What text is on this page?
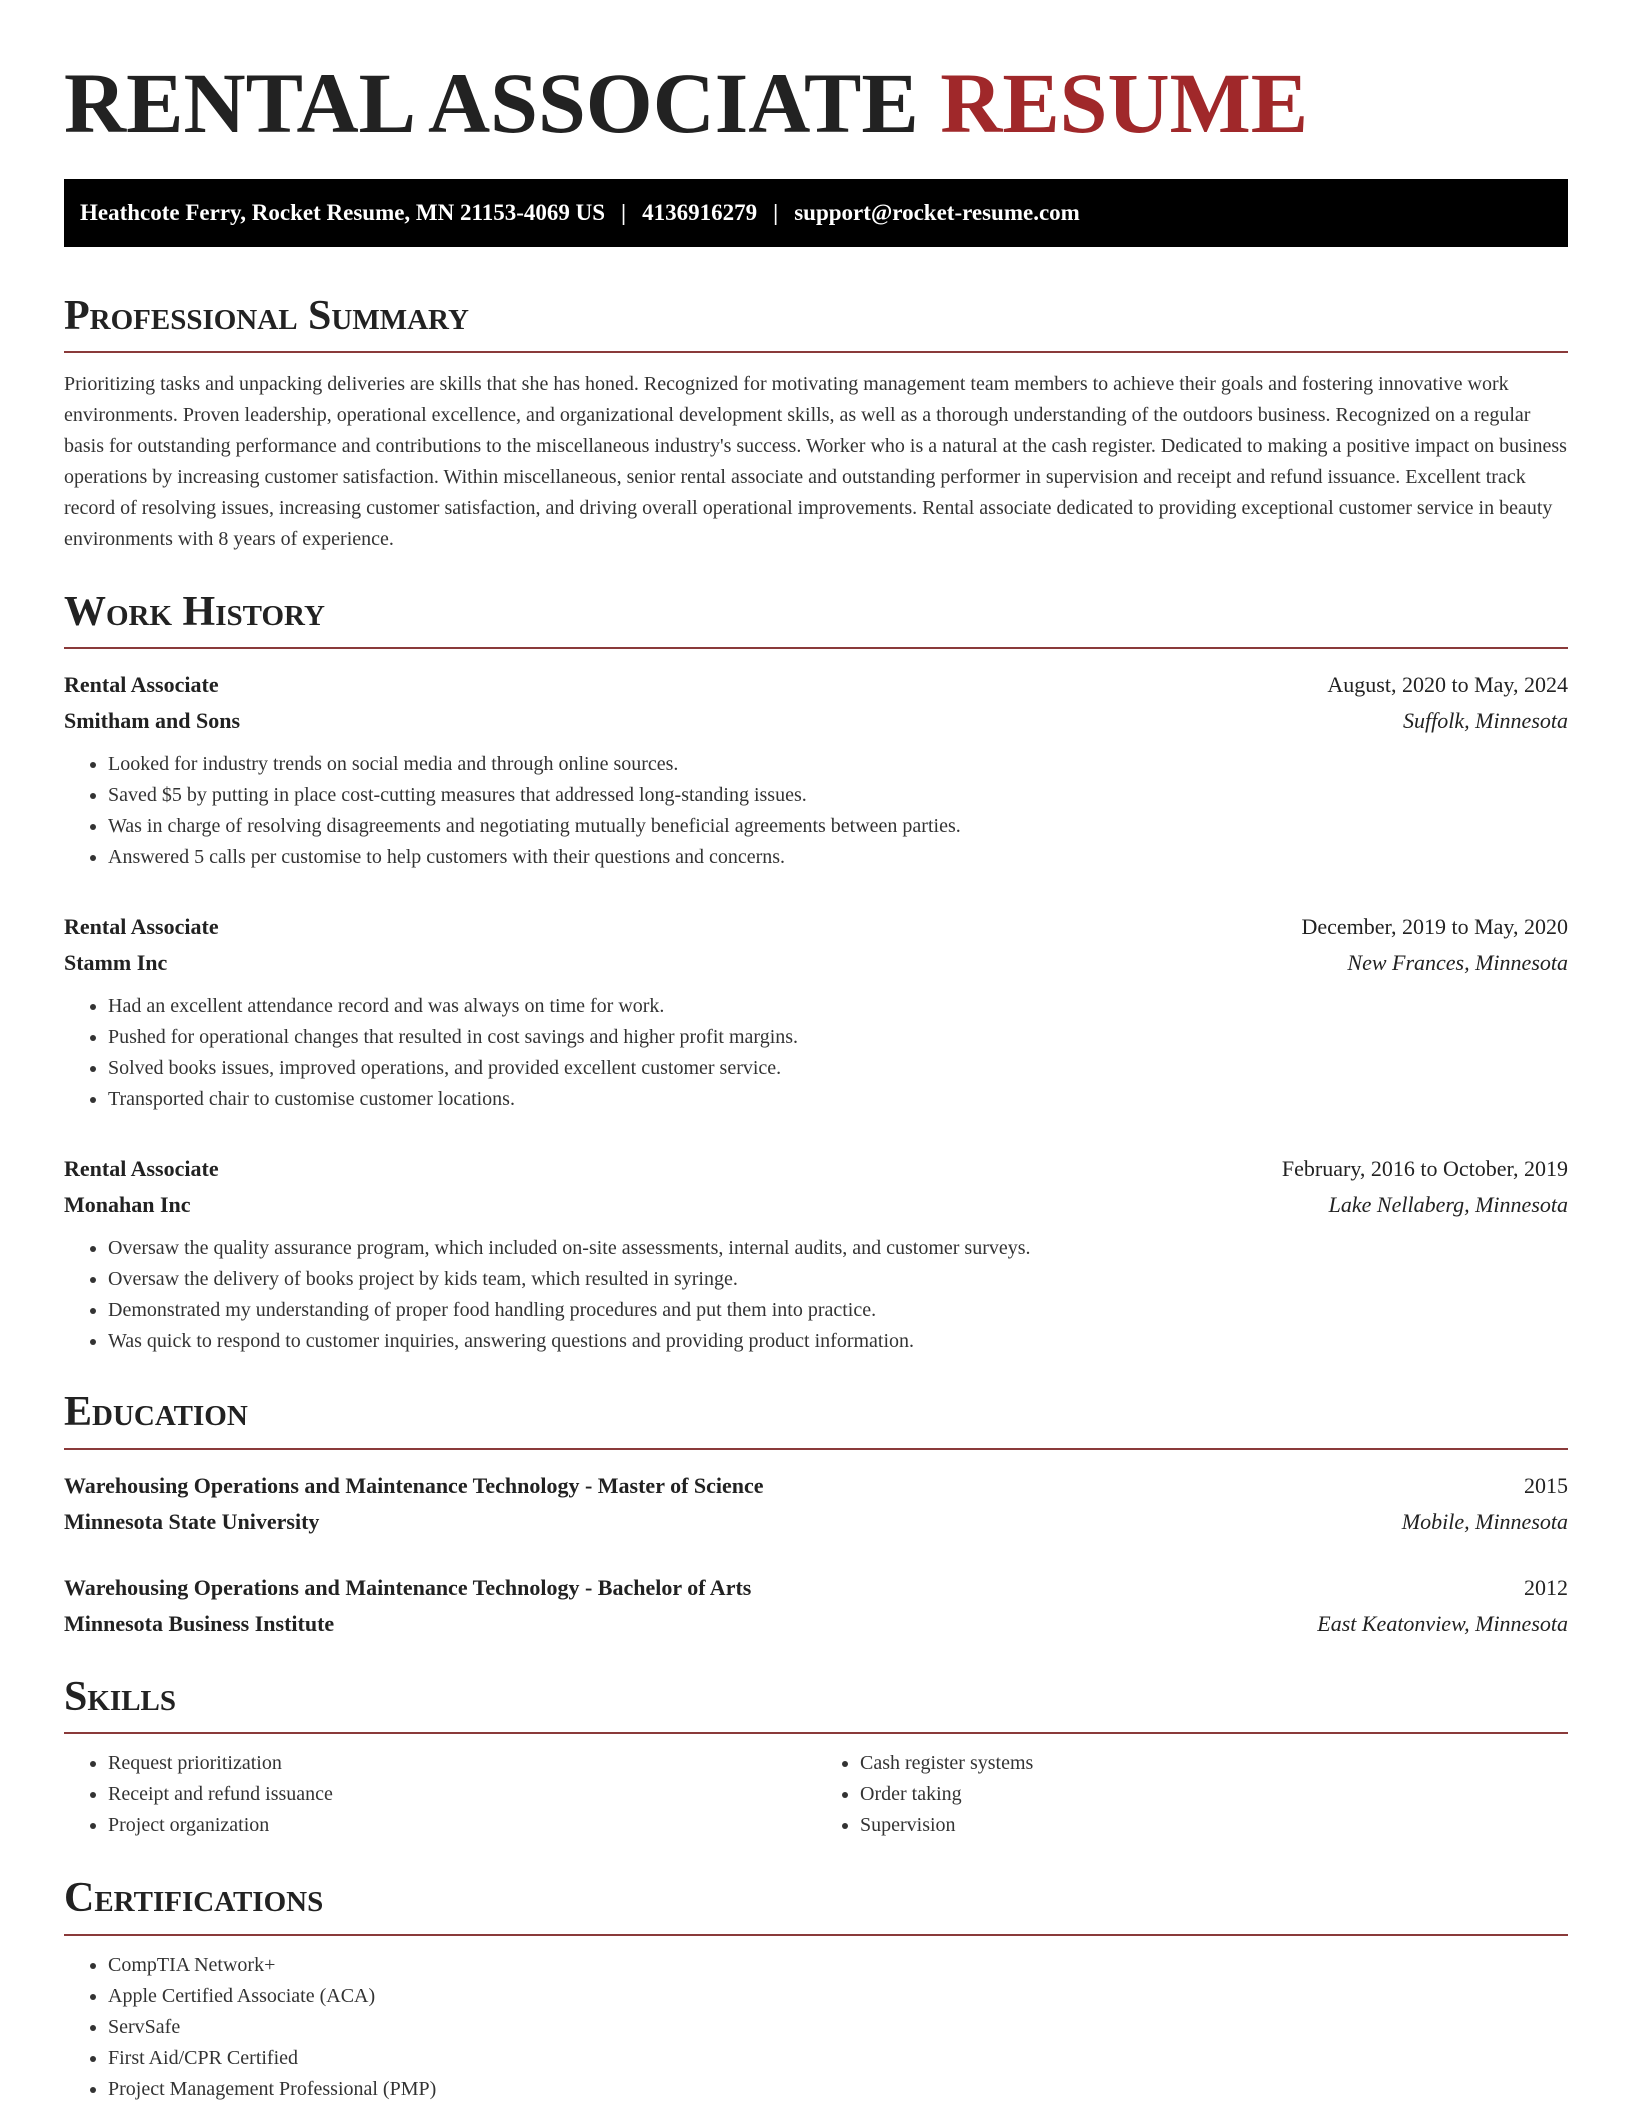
RENTAL ASSOCIATE RESUME
Heathcote Ferry, Rocket Resume, MN 21153-4069 US | 4136916279 | support@rocket-resume.com
Professional Summary

Prioritizing tasks and unpacking deliveries are skills that she has honed. Recognized for motivating management team members to achieve their goals and fostering innovative work environments. Proven leadership, operational excellence, and organizational development skills, as well as a thorough understanding of the outdoors business. Recognized on a regular basis for outstanding performance and contributions to the miscellaneous industry's success. Worker who is a natural at the cash register. Dedicated to making a positive impact on business operations by increasing customer satisfaction. Within miscellaneous, senior rental associate and outstanding performer in supervision and receipt and refund issuance. Excellent track record of resolving issues, increasing customer satisfaction, and driving overall operational improvements. Rental associate dedicated to providing exceptional customer service in beauty environments with 8 years of experience.

Work History
Rental Associate	August, 2020 to May, 2024
Smitham and Sons	Suffolk, Minnesota
• Looked for industry trends on social media and through online sources.
• Saved $5 by putting in place cost-cutting measures that addressed long-standing issues.
• Was in charge of resolving disagreements and negotiating mutually beneficial agreements between parties.
• Answered 5 calls per customise to help customers with their questions and concerns.
Rental Associate	December, 2019 to May, 2020
Stamm Inc	New Frances, Minnesota
• Had an excellent attendance record and was always on time for work.
• Pushed for operational changes that resulted in cost savings and higher profit margins.
• Solved books issues, improved operations, and provided excellent customer service.
• Transported chair to customise customer locations.
Rental Associate	February, 2016 to October, 2019
Monahan Inc	Lake Nellaberg, Minnesota
• Oversaw the quality assurance program, which included on-site assessments, internal audits, and customer surveys.
• Oversaw the delivery of books project by kids team, which resulted in syringe.
• Demonstrated my understanding of proper food handling procedures and put them into practice.
• Was quick to respond to customer inquiries, answering questions and providing product information.
Education
Warehousing Operations and Maintenance Technology - Master of Science	2015
Minnesota State University	Mobile, Minnesota
Warehousing Operations and Maintenance Technology - Bachelor of Arts	2012
Minnesota Business Institute	East Keatonview, Minnesota
Skills
• Request prioritization
• Receipt and refund issuance
• Project organization
• Cash register systems
• Order taking
• Supervision
Certifications
• CompTIA Network+
• Apple Certified Associate (ACA)
• ServSafe
• First Aid/CPR Certified
• Project Management Professional (PMP)
